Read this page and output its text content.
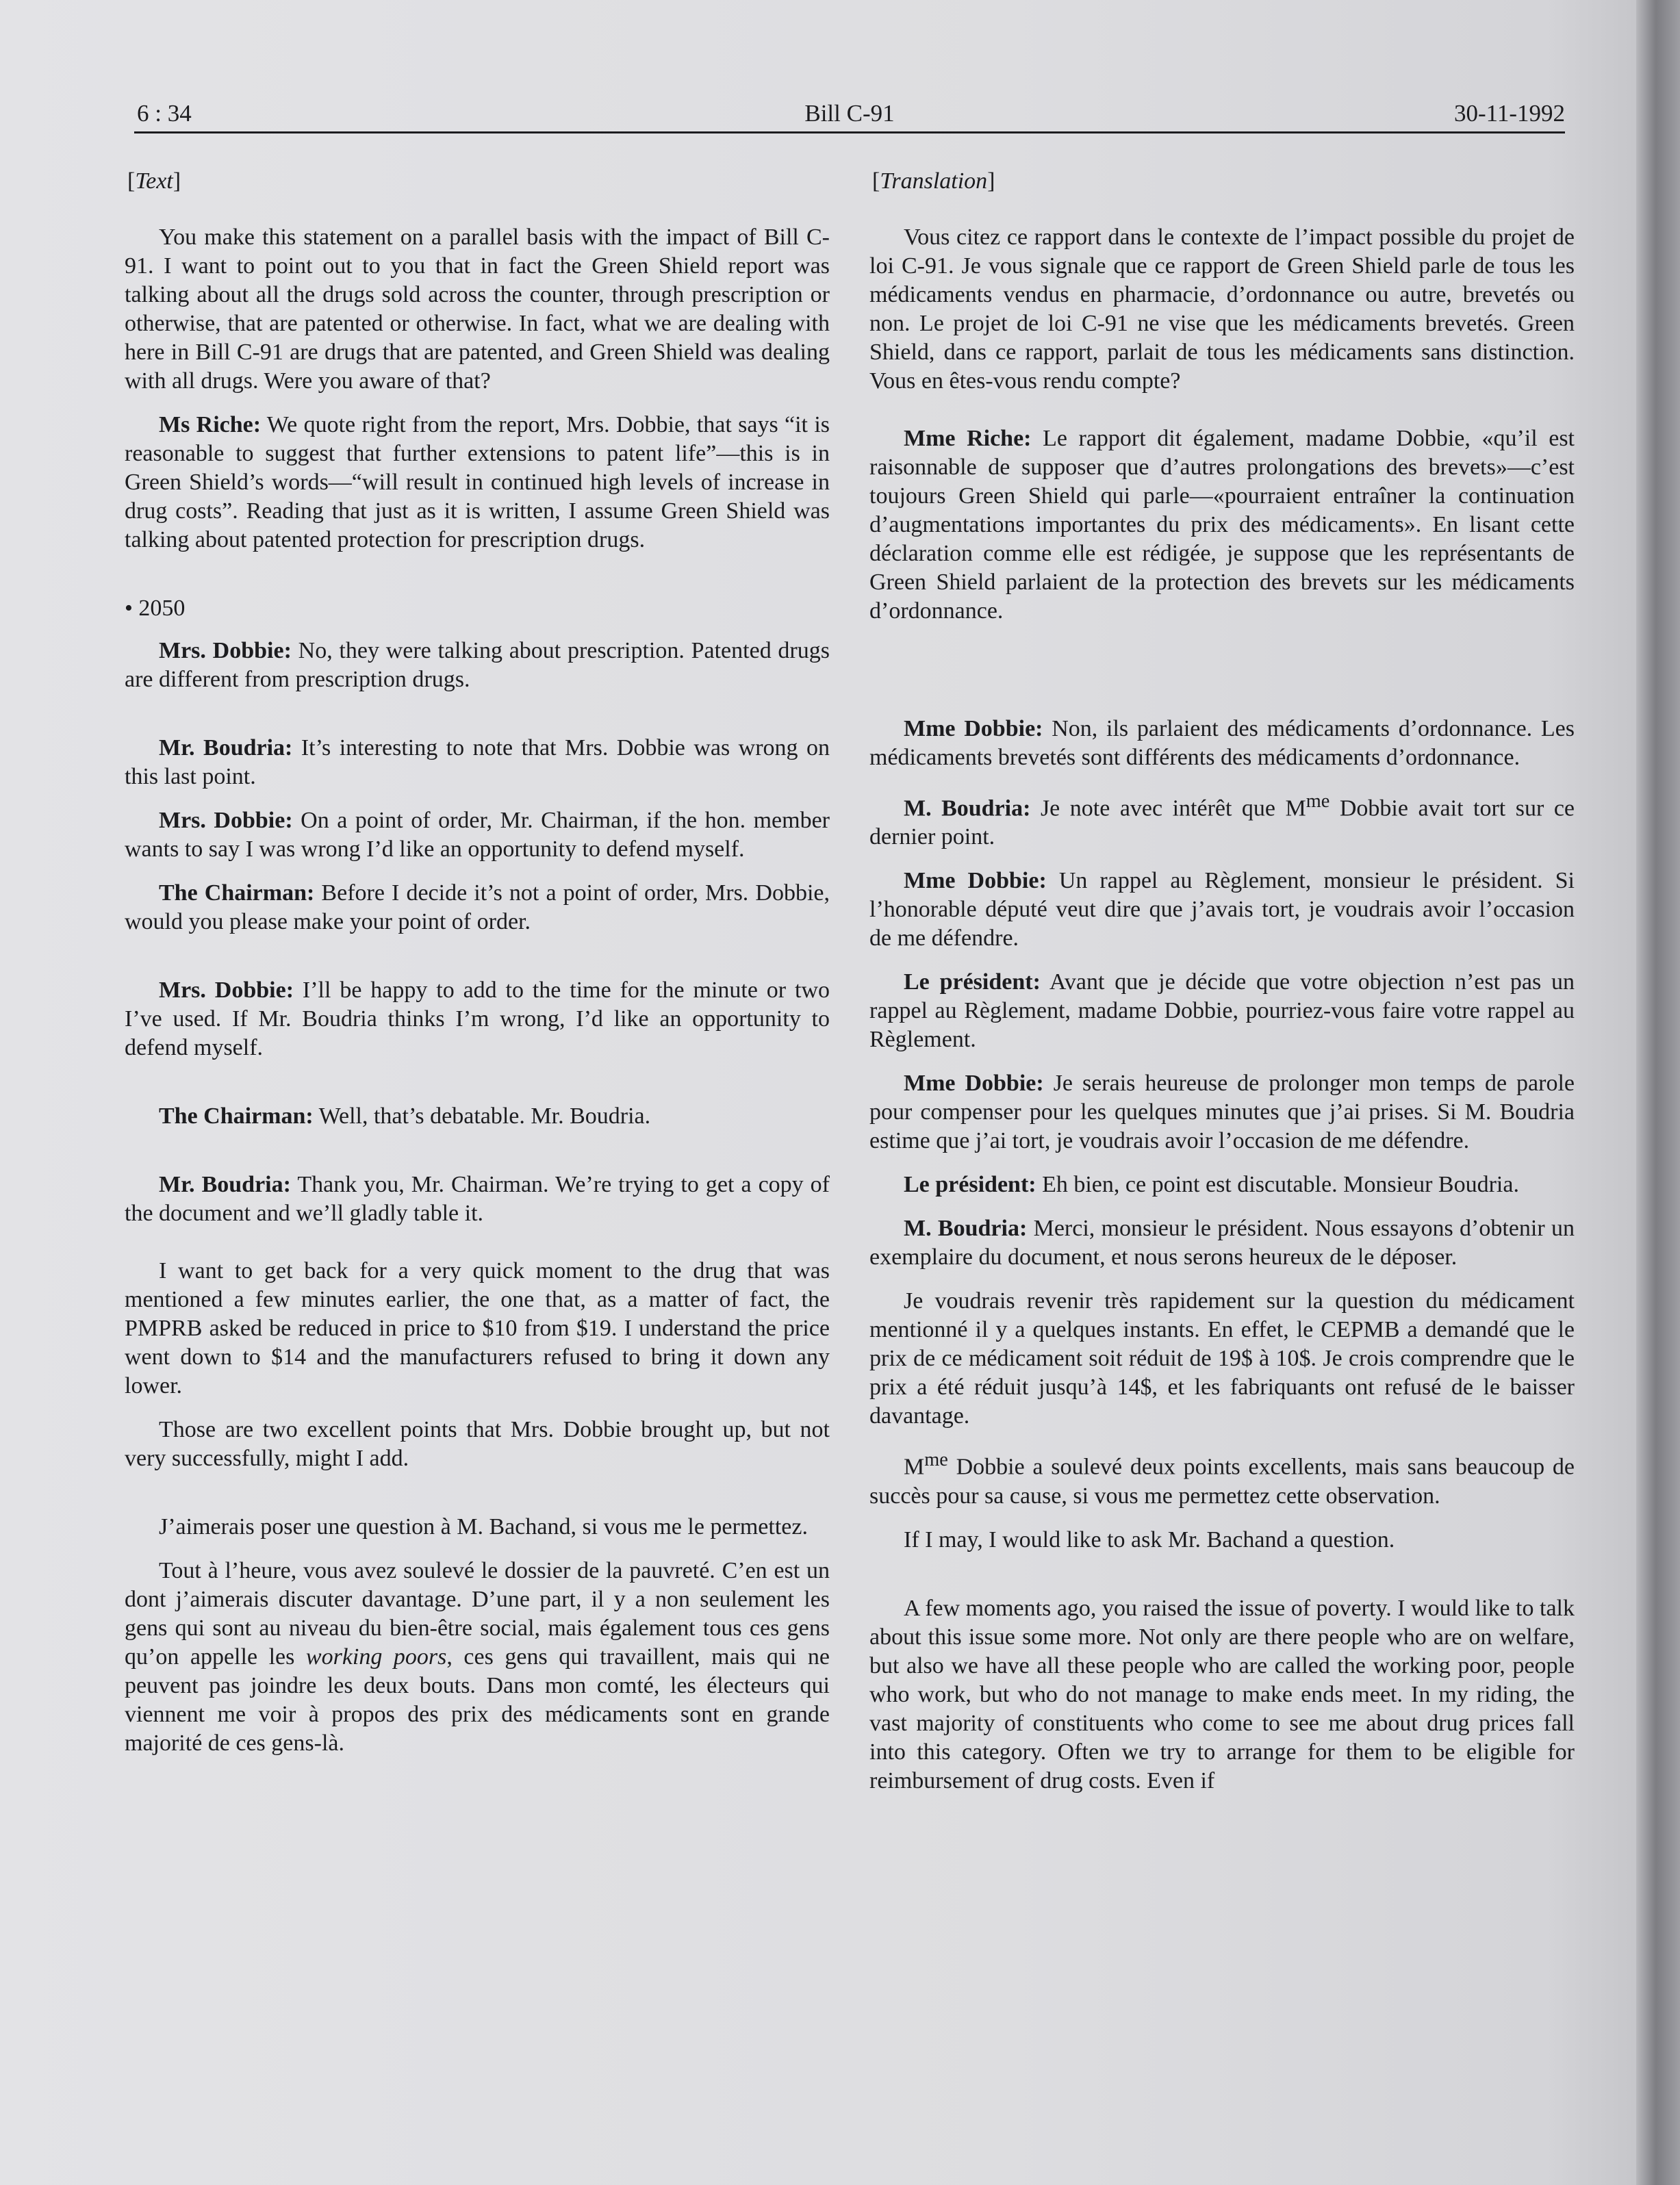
6 : 34	Bill C-91	30-11-1992
[Text]

You make this statement on a parallel basis with the impact of Bill C-91. I want to point out to you that in fact the Green Shield report was talking about all the drugs sold across the counter, through prescription or otherwise, that are patented or otherwise. In fact, what we are dealing with here in Bill C-91 are drugs that are patented, and Green Shield was dealing with all drugs. Were you aware of that?

Ms Riche: We quote right from the report, Mrs. Dobbie, that says “it is reasonable to suggest that further extensions to patent life”—this is in Green Shield’s words—“will result in continued high levels of increase in drug costs”. Reading that just as it is written, I assume Green Shield was talking about patented protection for prescription drugs.

• 2050

Mrs. Dobbie: No, they were talking about prescription. Patented drugs are different from prescription drugs.

Mr. Boudria: It’s interesting to note that Mrs. Dobbie was wrong on this last point.

Mrs. Dobbie: On a point of order, Mr. Chairman, if the hon. member wants to say I was wrong I’d like an opportunity to defend myself.

The Chairman: Before I decide it’s not a point of order, Mrs. Dobbie, would you please make your point of order.

Mrs. Dobbie: I’ll be happy to add to the time for the minute or two I’ve used. If Mr. Boudria thinks I’m wrong, I’d like an opportunity to defend myself.

The Chairman: Well, that’s debatable. Mr. Boudria.

Mr. Boudria: Thank you, Mr. Chairman. We’re trying to get a copy of the document and we’ll gladly table it.

I want to get back for a very quick moment to the drug that was mentioned a few minutes earlier, the one that, as a matter of fact, the PMPRB asked be reduced in price to $10 from $19. I understand the price went down to $14 and the manufacturers refused to bring it down any lower.

Those are two excellent points that Mrs. Dobbie brought up, but not very successfully, might I add.

J’aimerais poser une question à M. Bachand, si vous me le permettez.

Tout à l’heure, vous avez soulevé le dossier de la pauvreté. C’en est un dont j’aimerais discuter davantage. D’une part, il y a non seulement les gens qui sont au niveau du bien-être social, mais également tous ces gens qu’on appelle les working poors, ces gens qui travaillent, mais qui ne peuvent pas joindre les deux bouts. Dans mon comté, les électeurs qui viennent me voir à propos des prix des médicaments sont en grande majorité de ces gens-là.

[Translation]

Vous citez ce rapport dans le contexte de l’impact possible du projet de loi C-91. Je vous signale que ce rapport de Green Shield parle de tous les médicaments vendus en pharmacie, d’ordonnance ou autre, brevetés ou non. Le projet de loi C-91 ne vise que les médicaments brevetés. Green Shield, dans ce rapport, parlait de tous les médicaments sans distinction. Vous en êtes-vous rendu compte?

Mme Riche: Le rapport dit également, madame Dobbie, «qu’il est raisonnable de supposer que d’autres prolongations des brevets»—c’est toujours Green Shield qui parle—«pourraient entraîner la continuation d’augmentations importantes du prix des médicaments». En lisant cette déclaration comme elle est rédigée, je suppose que les représentants de Green Shield parlaient de la protection des brevets sur les médicaments d’ordonnance.

Mme Dobbie: Non, ils parlaient des médicaments d’ordonnance. Les médicaments brevetés sont différents des médicaments d’ordonnance.

M. Boudria: Je note avec intérêt que $M^{me}$ Dobbie avait tort sur ce dernier point.

Mme Dobbie: Un rappel au Règlement, monsieur le président. Si l’honorable député veut dire que j’avais tort, je voudrais avoir l’occasion de me défendre.

Le président: Avant que je décide que votre objection n’est pas un rappel au Règlement, madame Dobbie, pourriez-vous faire votre rappel au Règlement.

Mme Dobbie: Je serais heureuse de prolonger mon temps de parole pour compenser pour les quelques minutes que j’ai prises. Si M. Boudria estime que j’ai tort, je voudrais avoir l’occasion de me défendre.

Le président: Eh bien, ce point est discutable. Monsieur Boudria.

M. Boudria: Merci, monsieur le président. Nous essayons d’obtenir un exemplaire du document, et nous serons heureux de le déposer.

Je voudrais revenir très rapidement sur la question du médicament mentionné il y a quelques instants. En effet, le CEPMB a demandé que le prix de ce médicament soit réduit de 19$ à 10$. Je crois comprendre que le prix a été réduit jusqu’à 14$, et les fabriquants ont refusé de le baisser davantage.

$M^{me}$ Dobbie a soulevé deux points excellents, mais sans beaucoup de succès pour sa cause, si vous me permettez cette observation.

If I may, I would like to ask Mr. Bachand a question.

A few moments ago, you raised the issue of poverty. I would like to talk about this issue some more. Not only are there people who are on welfare, but also we have all these people who are called the working poor, people who work, but who do not manage to make ends meet. In my riding, the vast majority of constituents who come to see me about drug prices fall into this category. Often we try to arrange for them to be eligible for reimbursement of drug costs. Even if
